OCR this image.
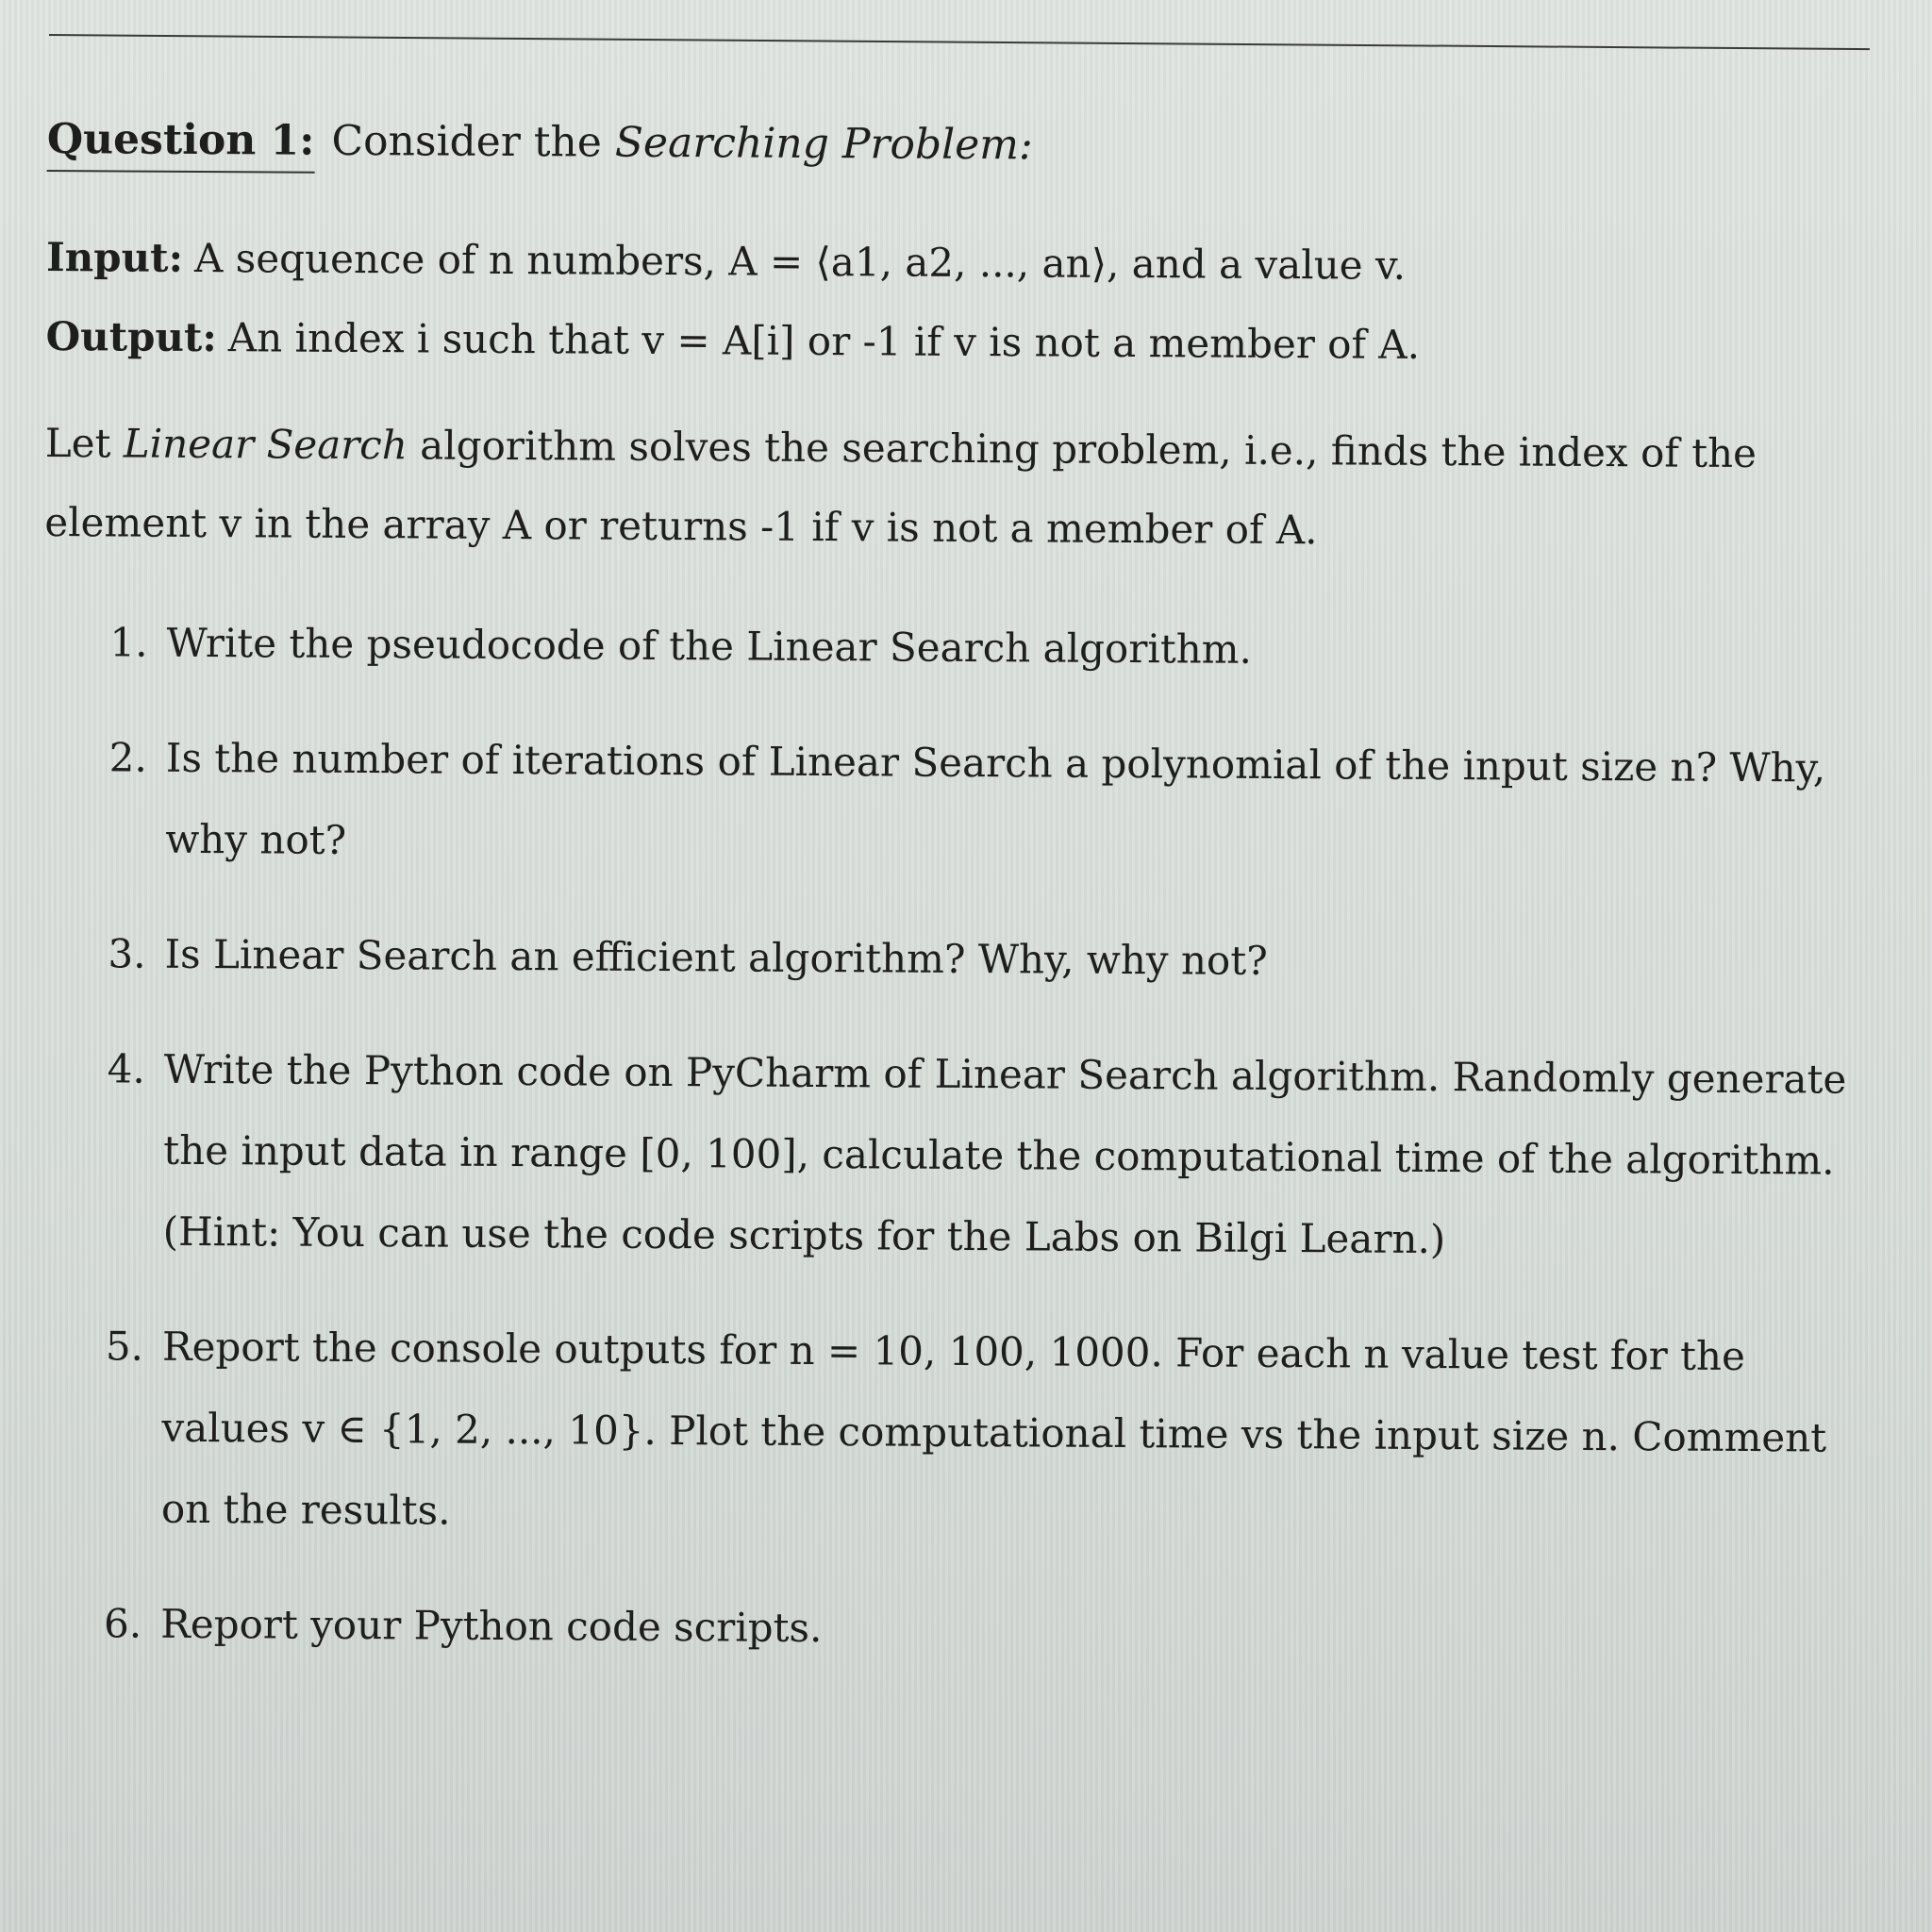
Question 1: Consider the Searching Problem:

Input: A sequence of n numbers, A = ⟨a1, a2, ..., an⟩, and a value v.

Output: An index i such that v = A[i] or -1 if v is not a member of A.

Let Linear Search algorithm solves the searching problem, i.e., finds the index of the element v in the array A or returns -1 if v is not a member of A.

1. Write the pseudocode of the Linear Search algorithm.
2. Is the number of iterations of Linear Search a polynomial of the input size n? Why, why not?
3. Is Linear Search an efficient algorithm? Why, why not?
4. Write the Python code on PyCharm of Linear Search algorithm. Randomly generate the input data in range [0, 100], calculate the computational time of the algorithm. (Hint: You can use the code scripts for the Labs on Bilgi Learn.)
5. Report the console outputs for n = 10, 100, 1000. For each n value test for the values v ∈ {1, 2, ..., 10}. Plot the computational time vs the input size n. Comment on the results.
6. Report your Python code scripts.
